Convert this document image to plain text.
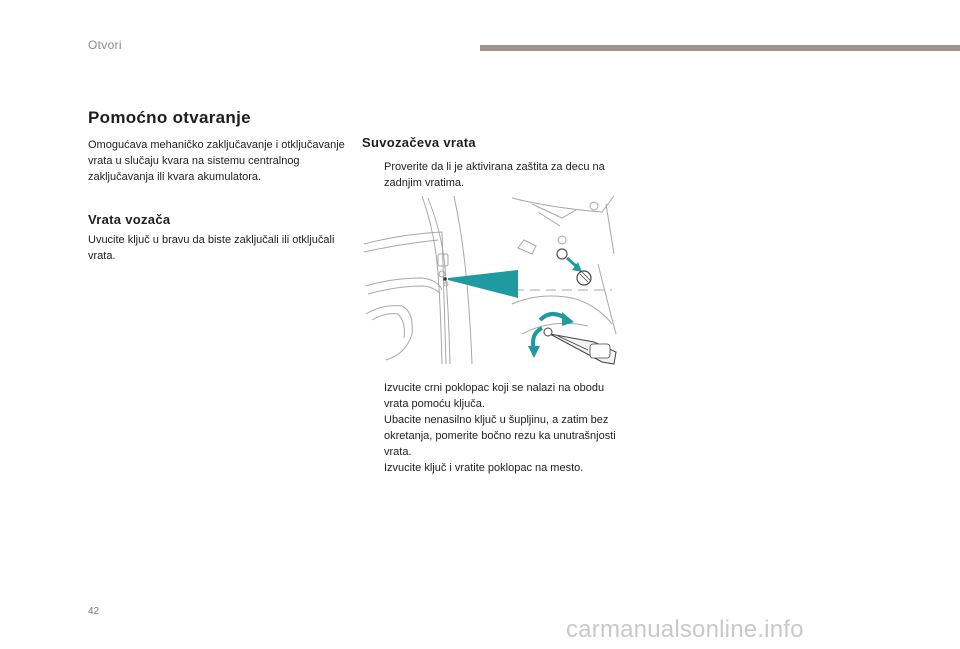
Otvori
Pomoćno otvaranje
Omogućava mehaničko zaključavanje i otključavanje vrata u slučaju kvara na sistemu centralnog zaključavanja ili kvara akumulatora.
Vrata vozača
Uvucite ključ u bravu da biste zaključali ili otključali vrata.
Suvozačeva vrata
Proverite da li je aktivirana zaštita za decu na zadnjim vratima.
Izvucite crni poklopac koji se nalazi na obodu vrata pomoću ključa.
Ubacite nenasilno ključ u šupljinu, a zatim bez okretanja, pomerite bočno rezu ka unutrašnjosti vrata.
Izvucite ključ i vratite poklopac na mesto.
42
carmanualsonline.info
